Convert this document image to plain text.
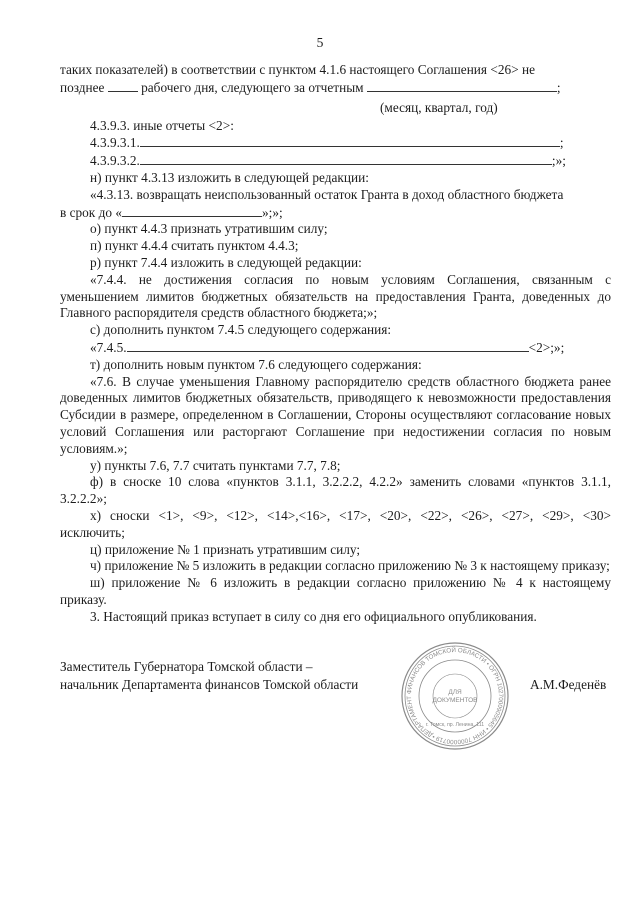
5

таких показателей) в соответствии с пунктом 4.1.6 настоящего Соглашения <26> не

позднее	рабочего дня, следующего за отчетным	;

(месяц, квартал, год)

4.3.9.3. иные отчеты <2>:

4.3.9.3.1.	;

4.3.9.3.2.	;»;

н) пункт 4.3.13 изложить в следующей редакции:

«4.3.13. возвращать неиспользованный остаток Гранта в доход областного бюджета

в срок до «	»;»;

о) пункт 4.4.3 признать утратившим силу;

п) пункт 4.4.4 считать пунктом 4.4.3;

р) пункт 7.4.4 изложить в следующей редакции:

«7.4.4. не достижения согласия по новым условиям Соглашения, связанным с уменьшением лимитов бюджетных обязательств на предоставления Гранта, доведенных до Главного распорядителя средств областного бюджета;»;

с) дополнить пунктом 7.4.5 следующего содержания:

«7.4.5.	<2>;»;

т) дополнить новым пунктом 7.6 следующего содержания:

«7.6. В случае уменьшения Главному распорядителю средств областного бюджета ранее доведенных лимитов бюджетных обязательств, приводящего к невозможности предоставления Субсидии в размере, определенном в Соглашении, Стороны осуществляют согласование новых условий Соглашения или расторгают Соглашение при недостижении согласия по новым условиям.»;

у) пункты 7.6, 7.7 считать пунктами 7.7, 7.8;

ф) в сноске 10 слова «пунктов 3.1.1, 3.2.2.2, 4.2.2» заменить словами «пунктов 3.1.1, 3.2.2.2»;

х) сноски <1>, <9>, <12>, <14>,<16>, <17>, <20>, <22>, <26>, <27>, <29>, <30> исключить;

ц) приложение № 1 признать утратившим силу;

ч) приложение № 5 изложить в редакции согласно приложению № 3 к настоящему приказу;

ш) приложение № 6 изложить в редакции согласно приложению № 4 к настоящему приказу.

3. Настоящий приказ вступает в силу со дня его официального опубликования.

Заместитель Губернатора Томской области –
начальник Департамента финансов Томской области	А.М.Феденёв
ДЕПАРТАМЕНТ ФИНАНСОВ ТОМСКОЙ ОБЛАСТИ • ОГРН 1027000905645 • ИНН 7000000719 •
ДЛЯ
ДОКУМЕНТОВ
г. Томск, пр. Ленина, 111
